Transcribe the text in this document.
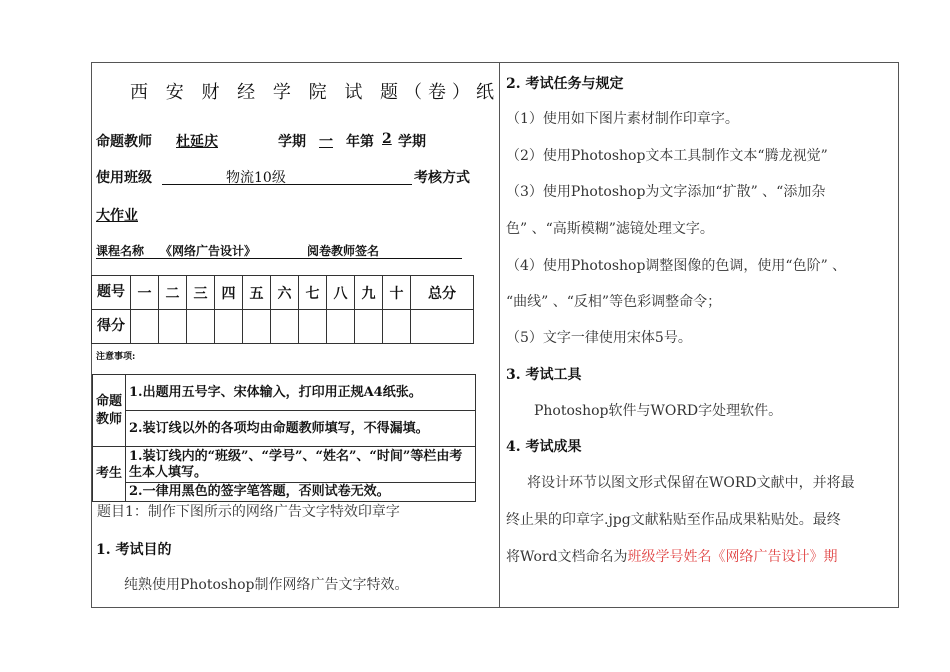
西 安 财 经 学 院 试 题（卷）纸
命题教师	杜延庆	学期 一 年第 2 学期
使用班级	物流10级	考核方式
大作业
课程名称 《网络广告设计》	阅卷教师签名
题号	一	二	三	四	五	六	七	八	九	十	总分
得分											
注意事项:
命题教师	1.出题用五号字、宋体输入，打印用正规A4纸张。
	2.装订线以外的各项均由命题教师填写，不得漏填。
考生	1.装订线内的“班级”、“学号”、“姓名”、“时间”等栏由考生本人填写。
	2.一律用黑色的签字笔答题，否则试卷无效。
题目1：制作下图所示的网络广告文字特效印章字
1. 考试目的
纯熟使用Photoshop制作网络广告文字特效。
2. 考试任务与规定
（1）使用如下图片素材制作印章字。
（2）使用Photoshop文本工具制作文本“腾龙视觉”
（3）使用Photoshop为文字添加“扩散” 、“添加杂
色” 、“高斯模糊”滤镜处理文字。
（4）使用Photoshop调整图像的色调，使用“色阶” 、
“曲线” 、“反相”等色彩调整命令；
（5）文字一律使用宋体5号。
3. 考试工具
Photoshop软件与WORD字处理软件。
4. 考试成果
将设计环节以图文形式保留在WORD文献中，并将最
终止果的印章字.jpg文献粘贴至作品成果粘贴处。最终
将Word文档命名为班级学号姓名《网络广告设计》期
